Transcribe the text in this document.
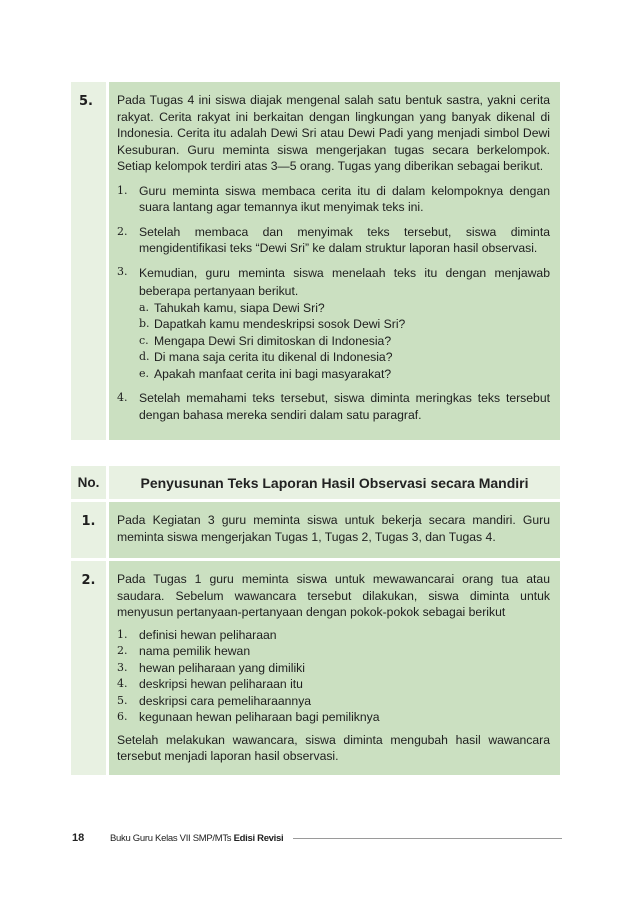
5.	Pada Tugas 4 ini siswa diajak mengenal salah satu bentuk sastra, yakni cerita rakyat. Cerita rakyat ini berkaitan dengan lingkungan yang banyak dikenal di Indonesia. Cerita itu adalah Dewi Sri atau Dewi Padi yang menjadi simbol Dewi Kesuburan. Guru meminta siswa mengerjakan tugas secara berkelompok. Setiap kelompok terdiri atas 3—5 orang. Tugas yang diberikan sebagai berikut.
1. Guru meminta siswa membaca cerita itu di dalam kelompoknya dengan suara lantang agar temannya ikut menyimak teks ini.
2. Setelah membaca dan menyimak teks tersebut, siswa diminta mengidentifikasi teks “Dewi Sri” ke dalam struktur laporan hasil observasi.
3. Kemudian, guru meminta siswa menelaah teks itu dengan menjawab beberapa pertanyaan berikut.
a. Tahukah kamu, siapa Dewi Sri?
b. Dapatkah kamu mendeskripsi sosok Dewi Sri?
c. Mengapa Dewi Sri dimitoskan di Indonesia?
d. Di mana saja cerita itu dikenal di Indonesia?
e. Apakah manfaat cerita ini bagi masyarakat?
4. Setelah memahami teks tersebut, siswa diminta meringkas teks tersebut dengan bahasa mereka sendiri dalam satu paragraf.
No.	Penyusunan Teks Laporan Hasil Observasi secara Mandiri
1.	Pada Kegiatan 3 guru meminta siswa untuk bekerja secara mandiri. Guru meminta siswa mengerjakan Tugas 1, Tugas 2, Tugas 3, dan Tugas 4.
2.	Pada Tugas 1 guru meminta siswa untuk mewawancarai orang tua atau saudara. Sebelum wawancara tersebut dilakukan, siswa diminta untuk menyusun pertanyaan-pertanyaan dengan pokok-pokok sebagai berikut
1. definisi hewan peliharaan
2. nama pemilik hewan
3. hewan peliharaan yang dimiliki
4. deskripsi hewan peliharaan itu
5. deskripsi cara pemeliharaannya
6. kegunaan hewan peliharaan bagi pemiliknya
Setelah melakukan wawancara, siswa diminta mengubah hasil wawancara tersebut menjadi laporan hasil observasi.
18	Buku Guru Kelas VII SMP/MTs Edisi Revisi
